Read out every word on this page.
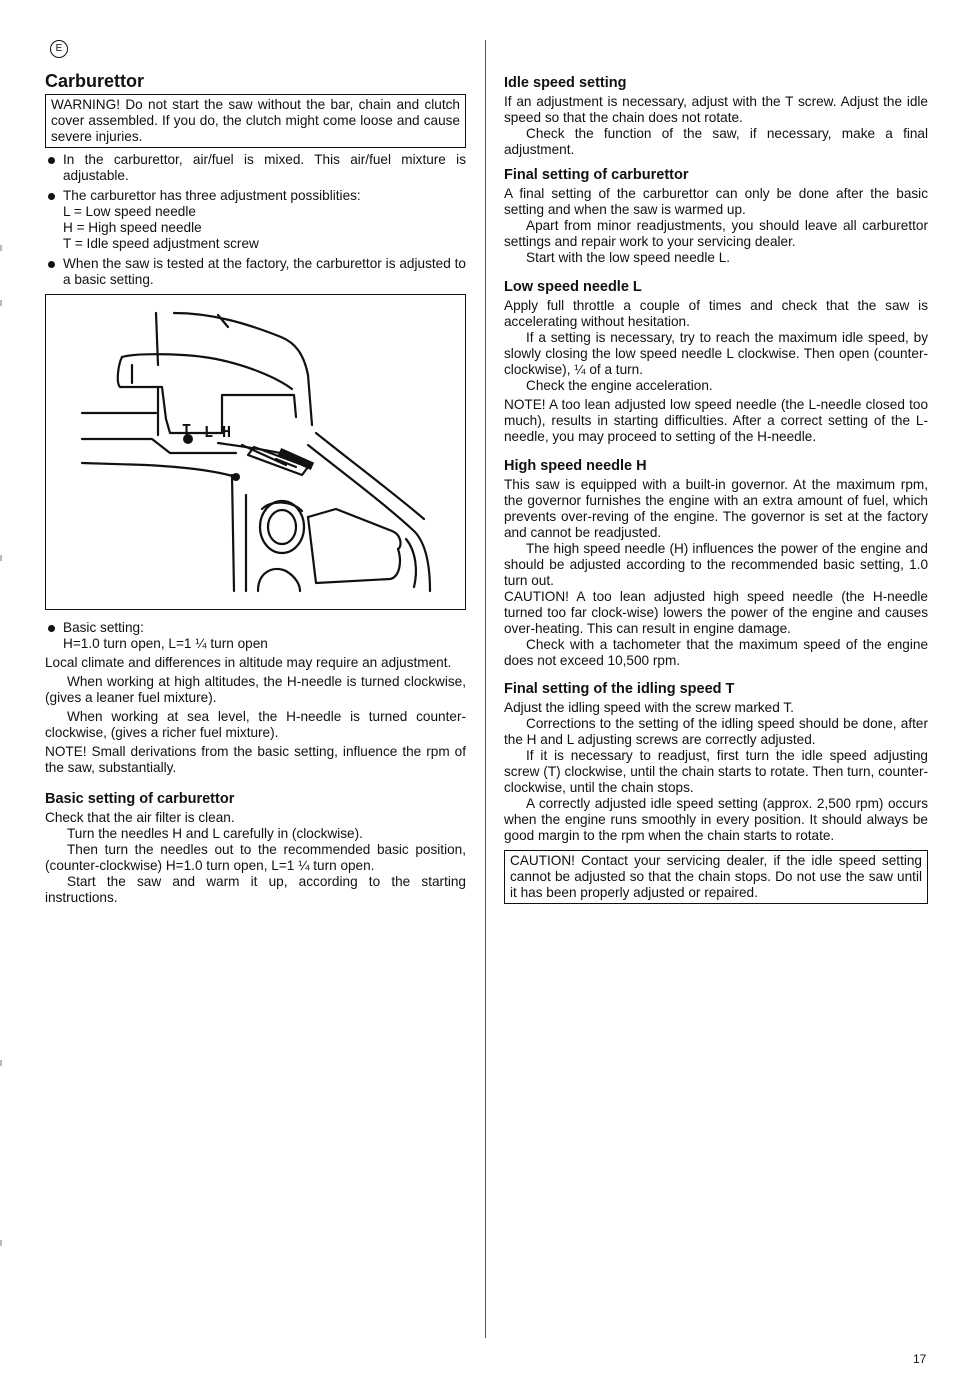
E
Carburettor
WARNING! Do not start the saw without the bar, chain and clutch cover assembled. If you do, the clutch might come loose and cause severe injuries.
In the carburettor, air/fuel is mixed. This air/fuel mixture is adjustable.
The carburettor has three adjustment possiblities:
L = Low speed needle
H = High speed needle
T = Idle speed adjustment screw
When the saw is tested at the factory, the carburettor is adjusted to a basic setting.
T L H
Basic setting:
H=1.0 turn open, L=1 ¼ turn open

Local climate and differences in altitude may require an adjustment.

When working at high altitudes, the H-needle is turned clockwise, (gives a leaner fuel mixture).

When working at sea level, the H-needle is turned counter-clockwise, (gives a richer fuel mixture).

NOTE! Small derivations from the basic setting, influence the rpm of the saw, substantially.

Basic setting of carburettor

Check that the air filter is clean.

Turn the needles H and L carefully in (clockwise).

Then turn the needles out to the recommended basic position, (counter-clockwise) H=1.0 turn open, L=1 ¼ turn open.

Start the saw and warm it up, according to the starting instructions.

Idle speed setting

If an adjustment is necessary, adjust with the T screw. Adjust the idle speed so that the chain does not rotate.

Check the function of the saw, if necessary, make a final adjustment.

Final setting of carburettor

A final setting of the carburettor can only be done after the basic setting and when the saw is warmed up.

Apart from minor readjustments, you should leave all carburettor settings and repair work to your servicing dealer.

Start with the low speed needle L.

Low speed needle L

Apply full throttle a couple of times and check that the saw is accelerating without hesitation.

If a setting is necessary, try to reach the maximum idle speed, by slowly closing the low speed needle L clockwise. Then open (counter-clockwise), ¼ of a turn.

Check the engine acceleration.

NOTE! A too lean adjusted low speed needle (the L-needle closed too much), results in starting difficulties. After a correct setting of the L-needle, you may proceed to setting of the H-needle.

High speed needle H

This saw is equipped with a built-in governor. At the maximum rpm, the governor furnishes the engine with an extra amount of fuel, which prevents over-reving of the engine. The governor is set at the factory and cannot be readjusted.

The high speed needle (H) influences the power of the engine and should be adjusted according to the recommended basic setting, 1.0 turn out.

CAUTION! A too lean adjusted high speed needle (the H-needle turned too far clock-wise) lowers the power of the engine and causes over-heating. This can result in engine damage.

Check with a tachometer that the maximum speed of the engine does not exceed 10,500 rpm.

Final setting of the idling speed T

Adjust the idling speed with the screw marked T.

Corrections to the setting of the idling speed should be done, after the H and L adjusting screws are correctly adjusted.

If it is necessary to readjust, first turn the idle speed adjusting screw (T) clockwise, until the chain starts to rotate. Then turn, counter-clockwise, until the chain stops.

A correctly adjusted idle speed setting (approx. 2,500 rpm) occurs when the engine runs smoothly in every position. It should always be good margin to the rpm when the chain starts to rotate.

CAUTION! Contact your servicing dealer, if the idle speed setting cannot be adjusted so that the chain stops. Do not use the saw until it has been properly adjusted or repaired.
17
